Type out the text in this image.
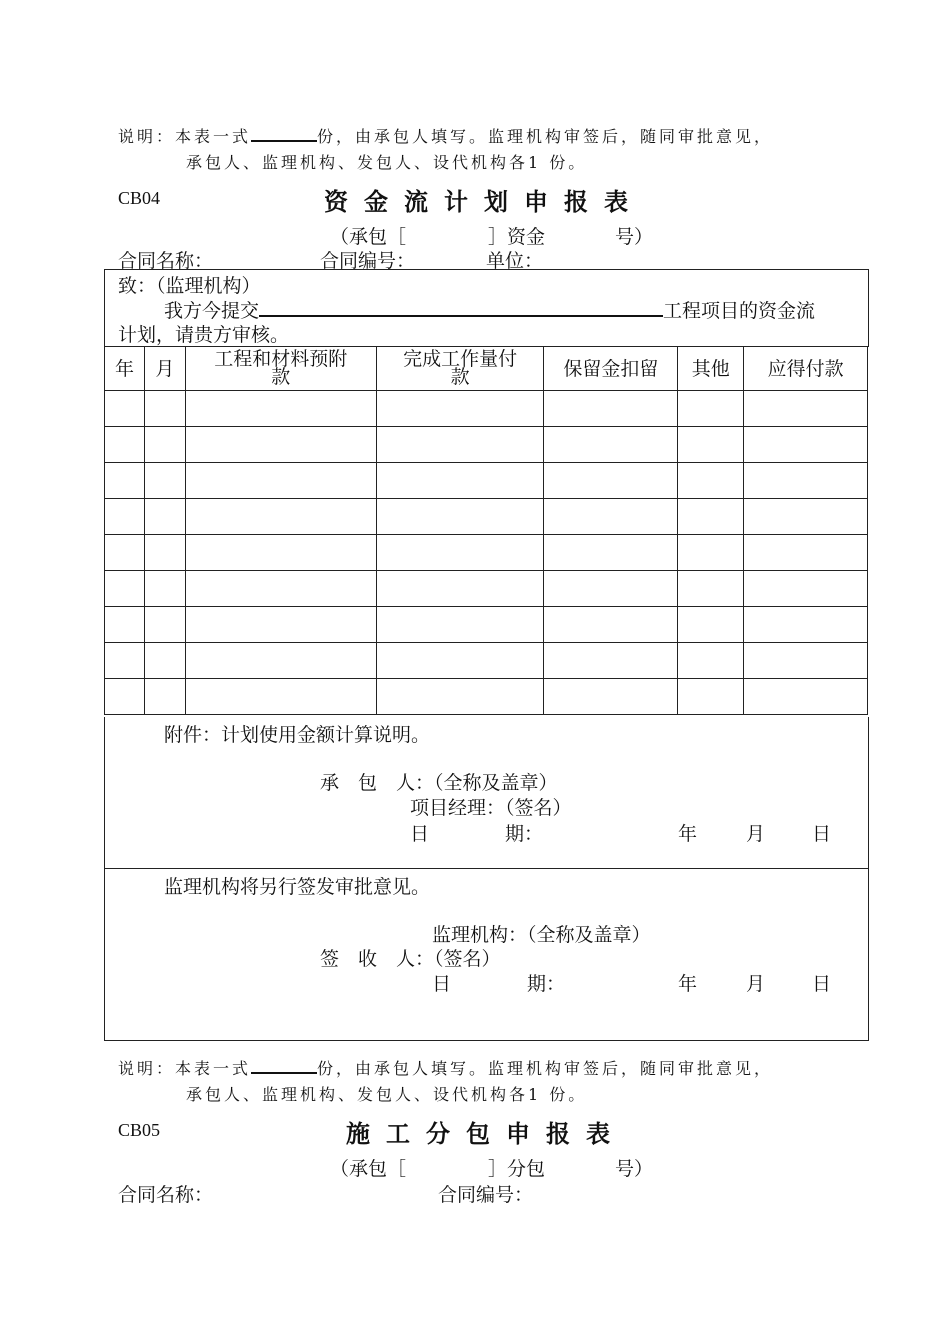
说明：本表一式	份，由承包人填写。监理机构审签后，随同审批意见，
承包人、监理机构、发包人、设代机构各1 份。
CB04	资金流计划申报表
（承包［	］资金	号）
合同名称：	合同编号：	单位：
致：（监理机构）
我方今提交	工程项目的资金流
计划，请贵方审核。
年	月	工程和材料预附款	完成工作量付款	保留金扣留	其他	应得付款

附件：计划使用金额计算说明。
承　包　人：（全称及盖章）
项目经理：（签名）
日　　　　期：	年	月 日
监理机构将另行签发审批意见。
监理机构：（全称及盖章）
签　收　人：（签名）
日　　　　期：	年	月 日
说明：本表一式	份，由承包人填写。监理机构审签后，随同审批意见，
承包人、监理机构、发包人、设代机构各1 份。
CB05	施工分包申报表
（承包［	］分包	号）
合同名称：	合同编号：
